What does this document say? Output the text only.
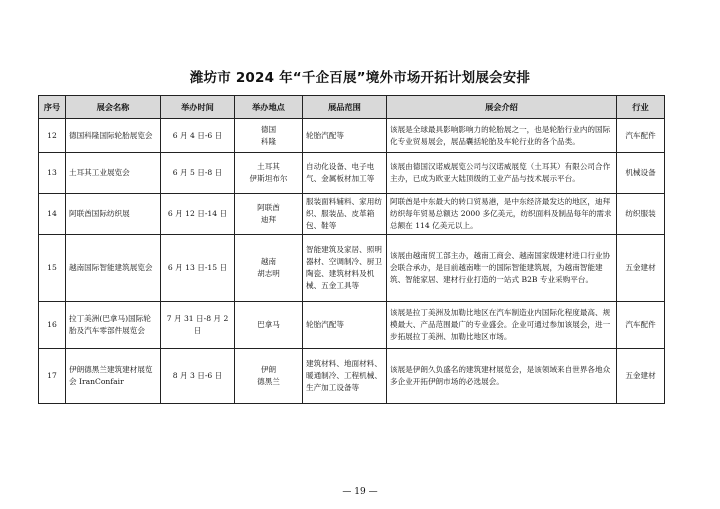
潍坊市 2024 年“千企百展”境外市场开拓计划展会安排
序号	展会名称	举办时间	举办地点	展品范围	展会介绍	行业
12	德国科隆国际轮胎展览会	6 月 4 日-6 日	德国
科隆	轮胎汽配等	该展是全球最具影响影响力的轮胎展之一，也是轮胎行业内的国际化专业贸易展会，展品囊括轮胎及车轮行业的各个品类。	汽车配件
13	土耳其工业展览会	6 月 5 日-8 日	土耳其
伊斯坦布尔	自动化设备、电子电气、金属板材加工等	该展由德国汉诺威展览公司与汉诺威展览（土耳其）有限公司合作主办，已成为欧亚大陆顶级的工业产品与技术展示平台。	机械设备
14	阿联酋国际纺织展	6 月 12 日-14 日	阿联酋
迪拜	服装面料辅料、家用纺织、服装品、皮革箱包、鞋等	阿联酋是中东最大的转口贸易港，是中东经济最发达的地区，迪拜纺织每年贸易总额达 2000 多亿美元，纺织面料及制品每年的需求总额在 114 亿美元以上。	纺织服装
15	越南国际智能建筑展览会	6 月 13 日-15 日	越南
胡志明	智能建筑及家居、照明器材、空调制冷、厨卫陶瓷、建筑材料及机械、五金工具等	该展由越南贸工部主办，越南工商会、越南国家级建材进口行业协会联合承办，是目前越南唯一的国际智能建筑展，为越南智能建筑、智能家居、建材行业打造的一站式 B2B 专业采购平台。	五金建材
16	拉丁美洲(巴拿马)国际轮胎及汽车零部件展览会	7 月 31 日-8 月 2 日	巴拿马	轮胎汽配等	该展是拉丁美洲及加勒比地区在汽车制造业内国际化程度最高、规模最大、产品范围最广的专业盛会。企业可通过参加该展会，进一步拓展拉丁美洲、加勒比地区市场。	汽车配件
17	伊朗德黑兰建筑建材展览会 IranConfair	8 月 3 日-6 日	伊朗
德黑兰	建筑材料、地面材料、暖通制冷、工程机械、生产加工设备等	该展是伊朗久负盛名的建筑建材展览会，是该领域来自世界各地众多企业开拓伊朗市场的必选展会。	五金建材
— 19 —
